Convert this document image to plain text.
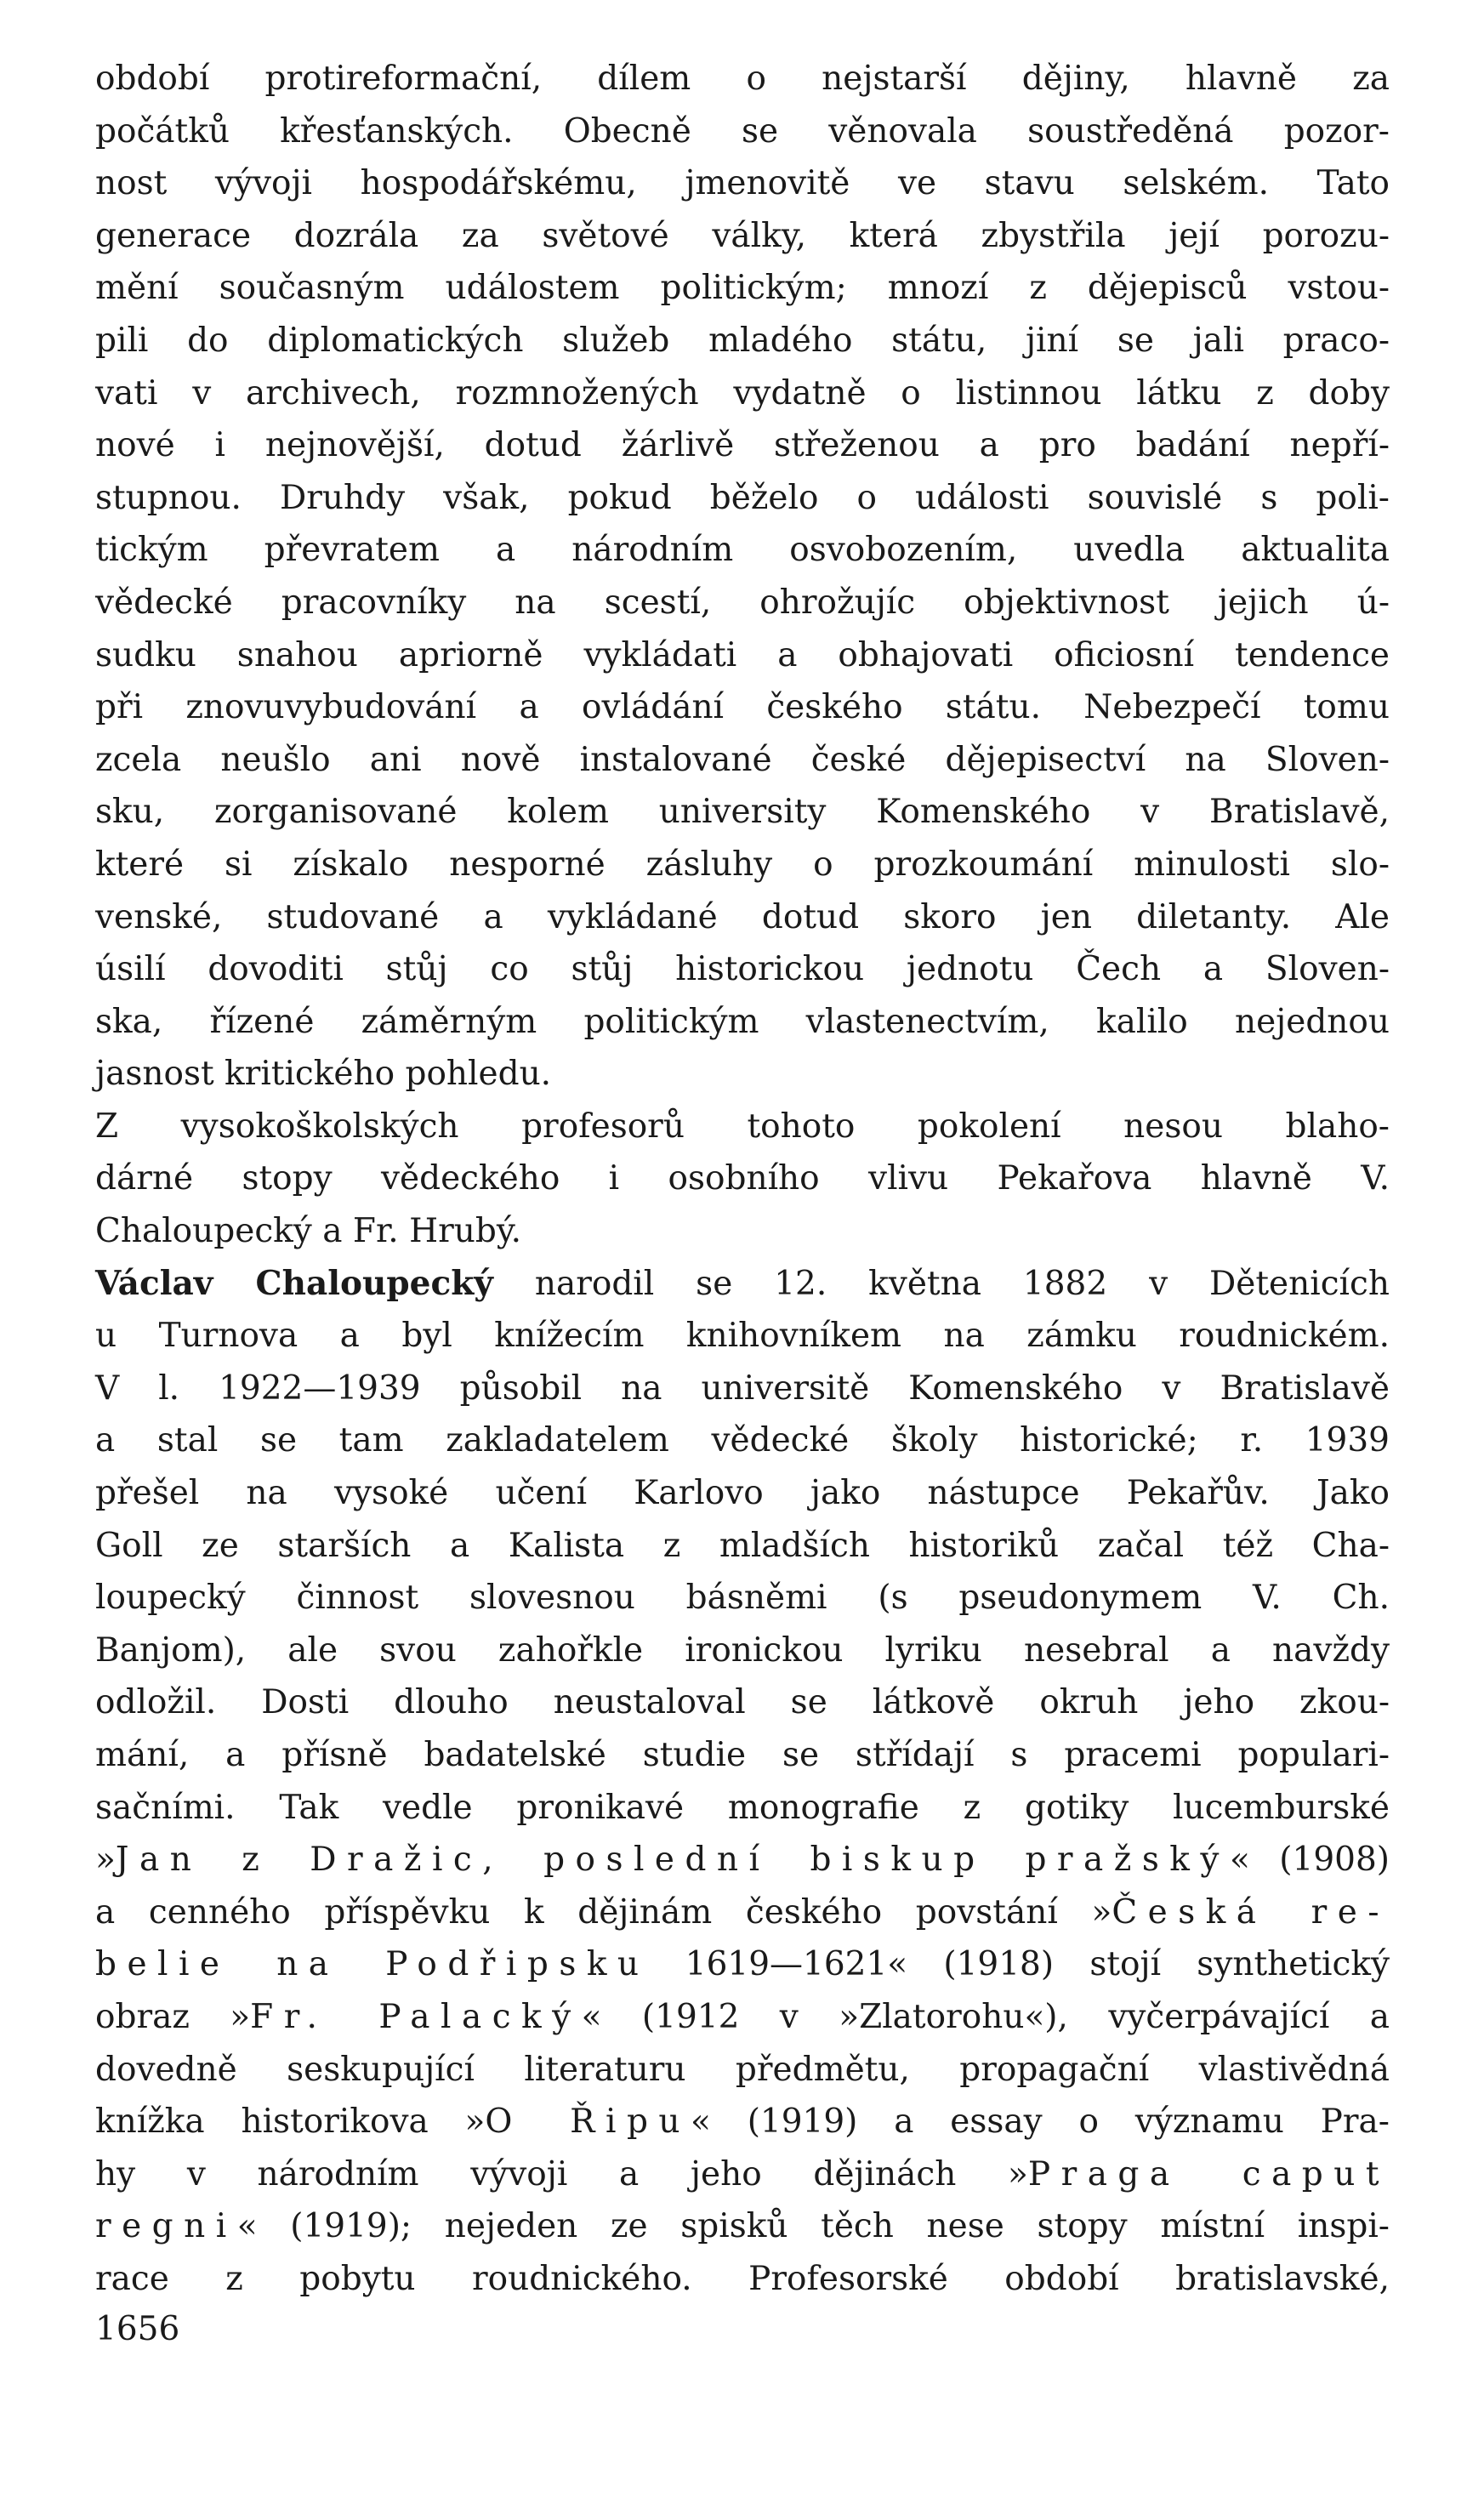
období protireformační, dílem o nejstarší dějiny, hlavně za
počátků křesťanských. Obecně se věnovala soustředěná pozor-
nost vývoji hospodářskému, jmenovitě ve stavu selském. Tato
generace dozrála za světové války, která zbystřila její porozu-
mění současným událostem politickým; mnozí z dějepisců vstou-
pili do diplomatických služeb mladého státu, jiní se jali praco-
vati v archivech, rozmnožených vydatně o listinnou látku z doby
nové i nejnovější, dotud žárlivě střeženou a pro badání nepří-
stupnou. Druhdy však, pokud běželo o události souvislé s poli-
tickým převratem a národním osvobozením, uvedla aktualita
vědecké pracovníky na scestí, ohrožujíc objektivnost jejich ú-
sudku snahou apriorně vykládati a obhajovati oficiosní tendence
při znovuvybudování a ovládání českého státu. Nebezpečí tomu
zcela neušlo ani nově instalované české dějepisectví na Sloven-
sku, zorganisované kolem university Komenského v Bratislavě,
které si získalo nesporné zásluhy o prozkoumání minulosti slo-
venské, studované a vykládané dotud skoro jen diletanty. Ale
úsilí dovoditi stůj co stůj historickou jednotu Čech a Sloven-
ska, řízené záměrným politickým vlastenectvím, kalilo nejednou
jasnost kritického pohledu.
Z vysokoškolských profesorů tohoto pokolení nesou blaho-
dárné stopy vědeckého i osobního vlivu Pekařova hlavně V.
Chaloupecký a Fr. Hrubý.
Václav Chaloupecký narodil se 12. května 1882 v Dětenicích
u Turnova a byl knížecím knihovníkem na zámku roudnickém.
V l. 1922—1939 působil na universitě Komenského v Bratislavě
a stal se tam zakladatelem vědecké školy historické; r. 1939
přešel na vysoké učení Karlovo jako nástupce Pekařův. Jako
Goll ze starších a Kalista z mladších historiků začal též Cha-
loupecký činnost slovesnou básněmi (s pseudonymem V. Ch.
Banjom), ale svou zahořkle ironickou lyriku nesebral a navždy
odložil. Dosti dlouho neustaloval se látkově okruh jeho zkou-
mání, a přísně badatelské studie se střídají s pracemi populari-
sačními. Tak vedle pronikavé monografie z gotiky lucemburské
»Jan z Dražic, poslední biskup pražský« (1908)
a cenného příspěvku k dějinám českého povstání »Česká re-
belie na Podřipsku 1619—1621« (1918) stojí synthetický
obraz »Fr. Palacký« (1912 v »Zlatorohu«), vyčerpávající a
dovedně seskupující literaturu předmětu, propagační vlastivědná
knížka historikova »O Řipu« (1919) a essay o významu Pra-
hy v národním vývoji a jeho dějinách »Praga caput
regni« (1919); nejeden ze spisků těch nese stopy místní inspi-
race z pobytu roudnického. Profesorské období bratislavské,
1656
